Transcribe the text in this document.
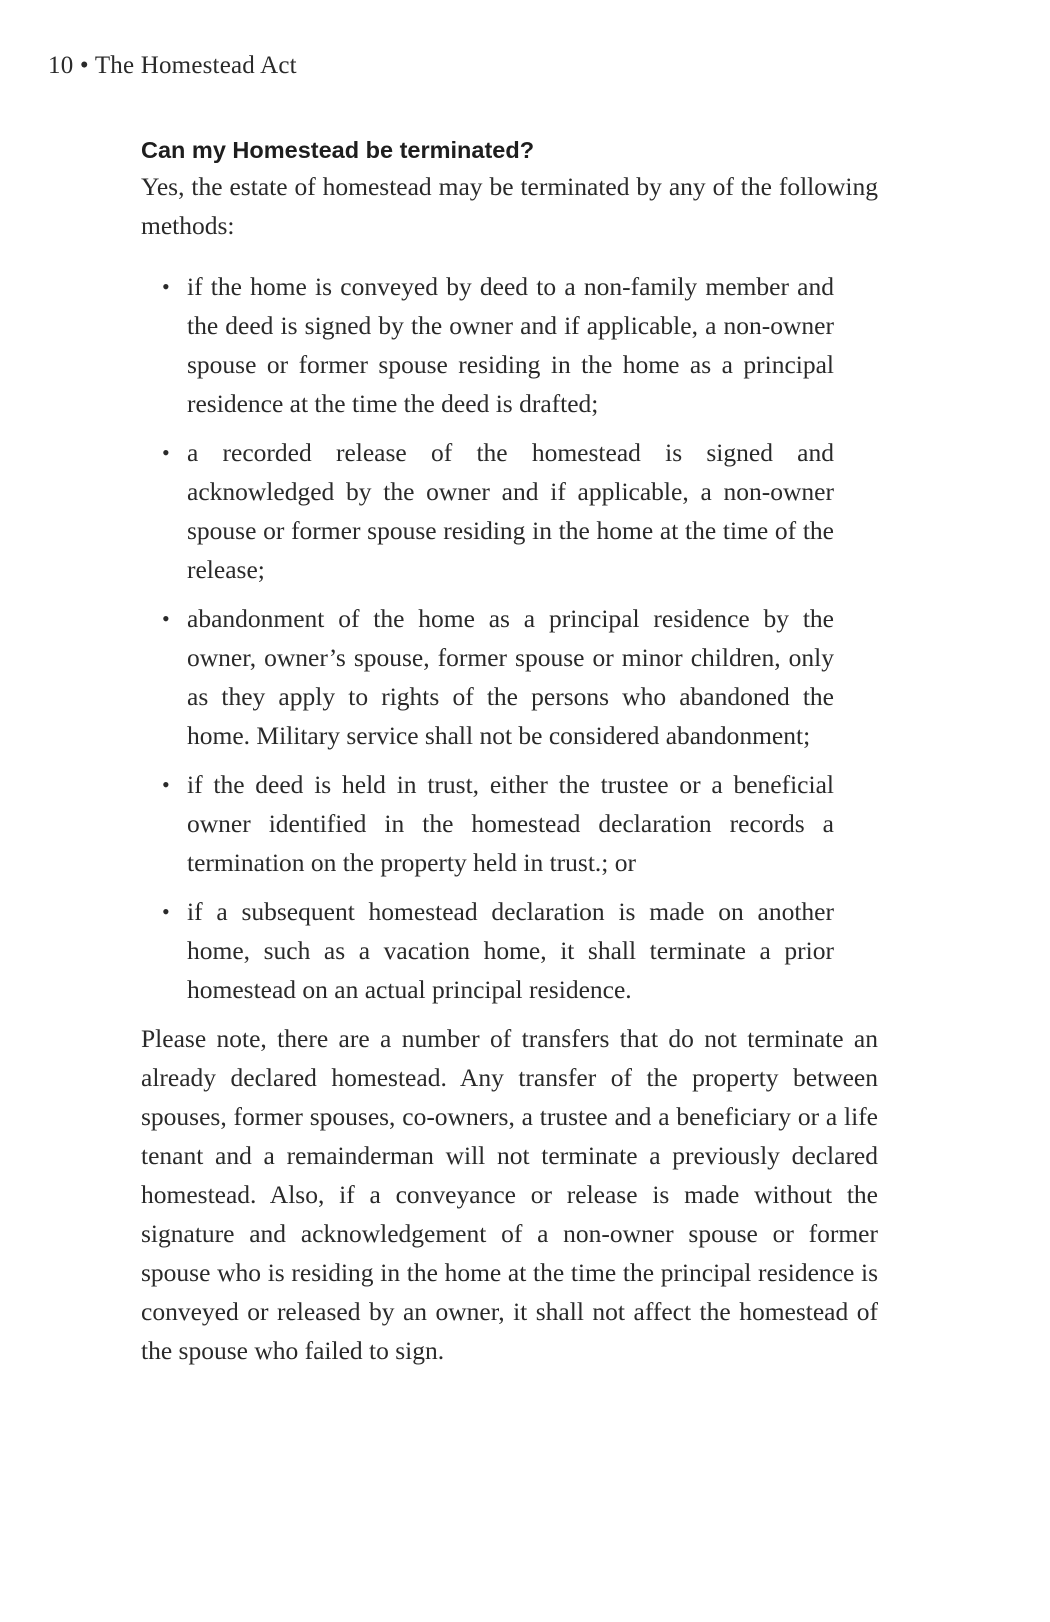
10 • The Homestead Act
Can my Homestead be terminated?

Yes, the estate of homestead may be terminated by any of the following methods:

• if the home is conveyed by deed to a non-family member and the deed is signed by the owner and if applicable, a non-owner spouse or former spouse residing in the home as a principal residence at the time the deed is drafted;
• a recorded release of the homestead is signed and acknowledged by the owner and if applicable, a non-owner spouse or former spouse residing in the home at the time of the release;
• abandonment of the home as a principal residence by the owner, owner’s spouse, former spouse or minor children, only as they apply to rights of the persons who abandoned the home. Military service shall not be considered abandonment;
• if the deed is held in trust, either the trustee or a beneficial owner identified in the homestead declaration records a termination on the property held in trust.; or
• if a subsequent homestead declaration is made on another home, such as a vacation home, it shall terminate a prior homestead on an actual principal residence.

Please note, there are a number of transfers that do not terminate an already declared homestead. Any transfer of the property between spouses, former spouses, co-owners, a trustee and a beneficiary or a life tenant and a remainderman will not terminate a previously declared homestead. Also, if a conveyance or release is made without the signature and acknowledgement of a non-owner spouse or former spouse who is residing in the home at the time the principal residence is conveyed or released by an owner, it shall not affect the homestead of the spouse who failed to sign.
